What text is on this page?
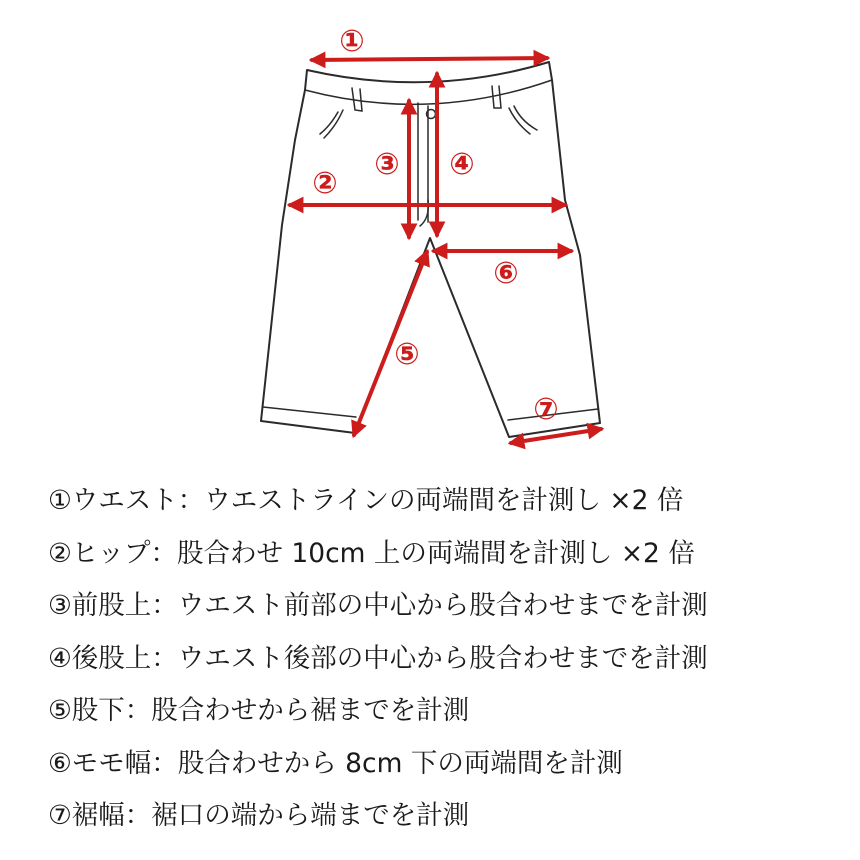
①
②
③ ④
⑤
⑥
⑦
①ウエスト：ウエストラインの両端間を計測し ×2 倍
②ヒップ：股合わせ 10cm 上の両端間を計測し ×2 倍
③前股上：ウエスト前部の中心から股合わせまでを計測
④後股上：ウエスト後部の中心から股合わせまでを計測
⑤股下：股合わせから裾までを計測
⑥モモ幅：股合わせから 8cm 下の両端間を計測
⑦裾幅：裾口の端から端までを計測
